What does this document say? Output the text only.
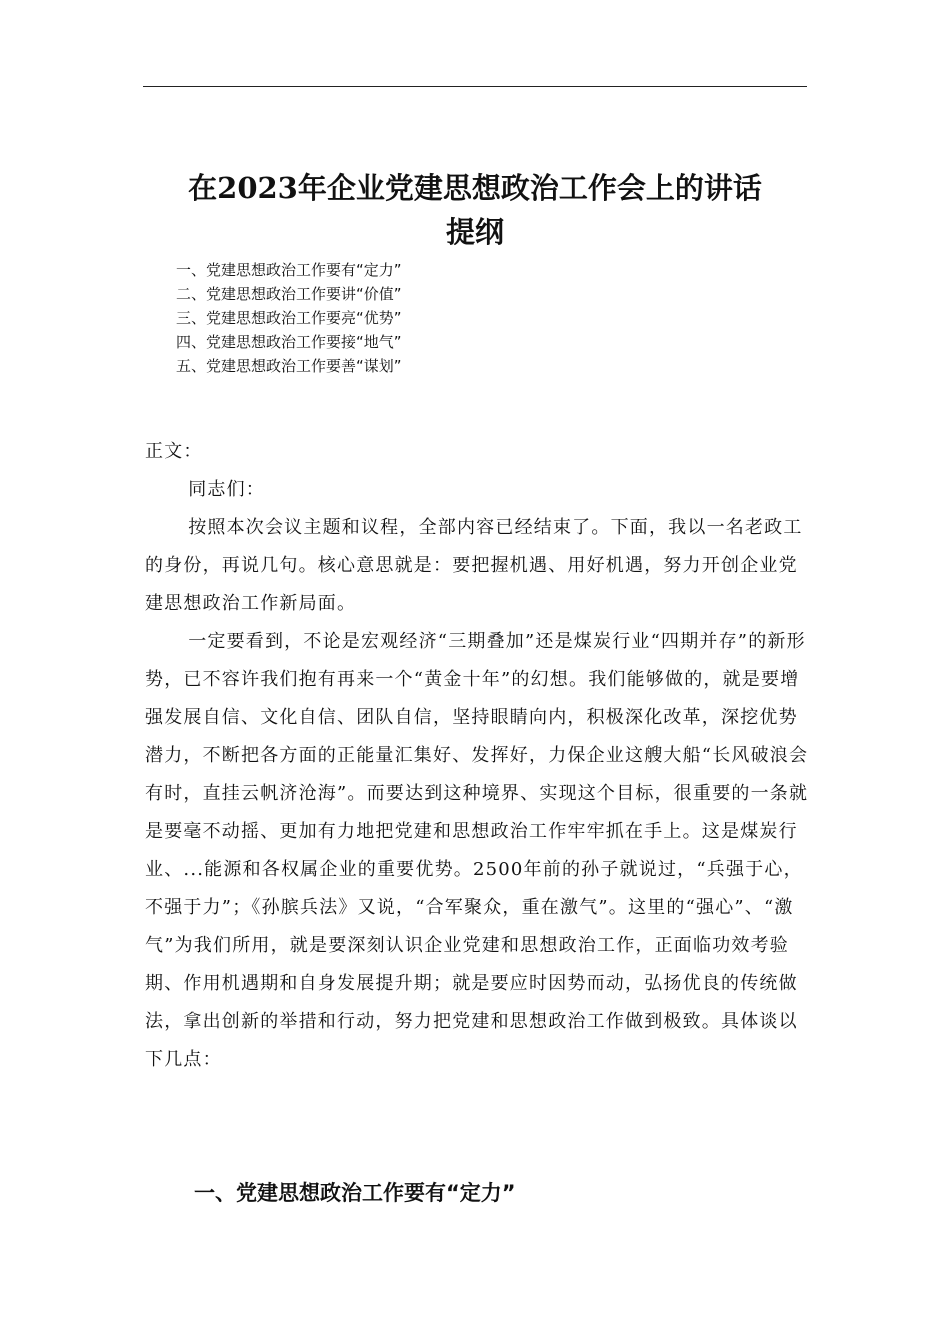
在2023年企业党建思想政治工作会上的讲话
提纲
一、党建思想政治工作要有“定力”
二、党建思想政治工作要讲“价值”
三、党建思想政治工作要亮“优势”
四、党建思想政治工作要接“地气”
五、党建思想政治工作要善“谋划”

正文：

同志们：

按照本次会议主题和议程，全部内容已经结束了。下面，我以一名老政工的身份，再说几句。核心意思就是：要把握机遇、用好机遇，努力开创企业党建思想政治工作新局面。

一定要看到，不论是宏观经济“三期叠加”还是煤炭行业“四期并存”的新形势，已不容许我们抱有再来一个“黄金十年”的幻想。我们能够做的，就是要增强发展自信、文化自信、团队自信，坚持眼睛向内，积极深化改革，深挖优势潜力，不断把各方面的正能量汇集好、发挥好，力保企业这艘大船“长风破浪会有时，直挂云帆济沧海”。而要达到这种境界、实现这个目标，很重要的一条就是要毫不动摇、更加有力地把党建和思想政治工作牢牢抓在手上。这是煤炭行业、...能源和各权属企业的重要优势。2500年前的孙子就说过，“兵强于心，不强于力”；《孙膑兵法》又说，“合军聚众，重在激气”。这里的“强心”、“激气”为我们所用，就是要深刻认识企业党建和思想政治工作，正面临功效考验期、作用机遇期和自身发展提升期；就是要应时因势而动，弘扬优良的传统做法，拿出创新的举措和行动，努力把党建和思想政治工作做到极致。具体谈以下几点：

一、党建思想政治工作要有“定力”
